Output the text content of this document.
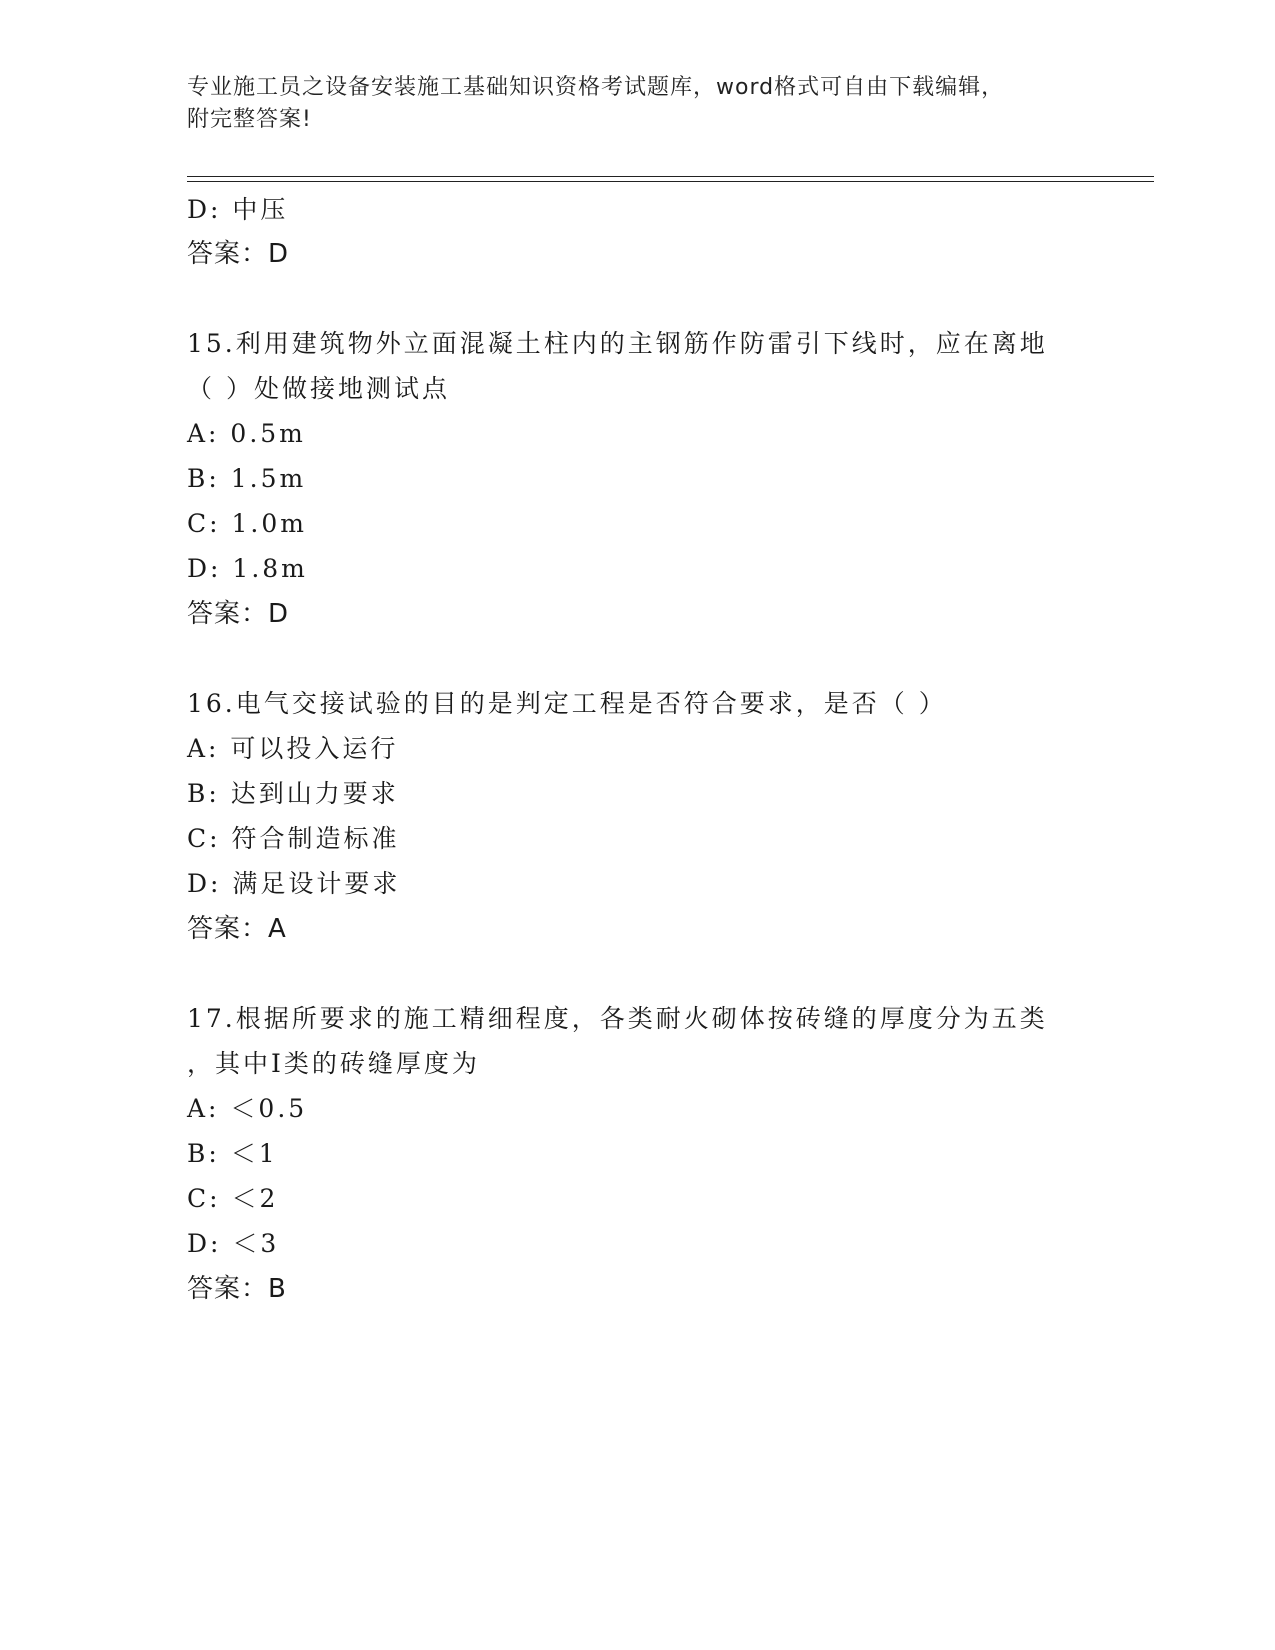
专业施工员之设备安装施工基础知识资格考试题库，word格式可自由下载编辑，
附完整答案!
D: 中压
答案：D
15.利用建筑物外立面混凝土柱内的主钢筋作防雷引下线时，应在离地
（ ）处做接地测试点
A: 0.5m
B: 1.5m
C: 1.0m
D: 1.8m
答案：D
16.电气交接试验的目的是判定工程是否符合要求，是否（ ）
A: 可以投入运行
B: 达到山力要求
C: 符合制造标准
D: 满足设计要求
答案：A
17.根据所要求的施工精细程度，各类耐火砌体按砖缝的厚度分为五类
，其中Ⅰ类的砖缝厚度为
A: ＜0.5
B: ＜1
C: ＜2
D: ＜3
答案：B
